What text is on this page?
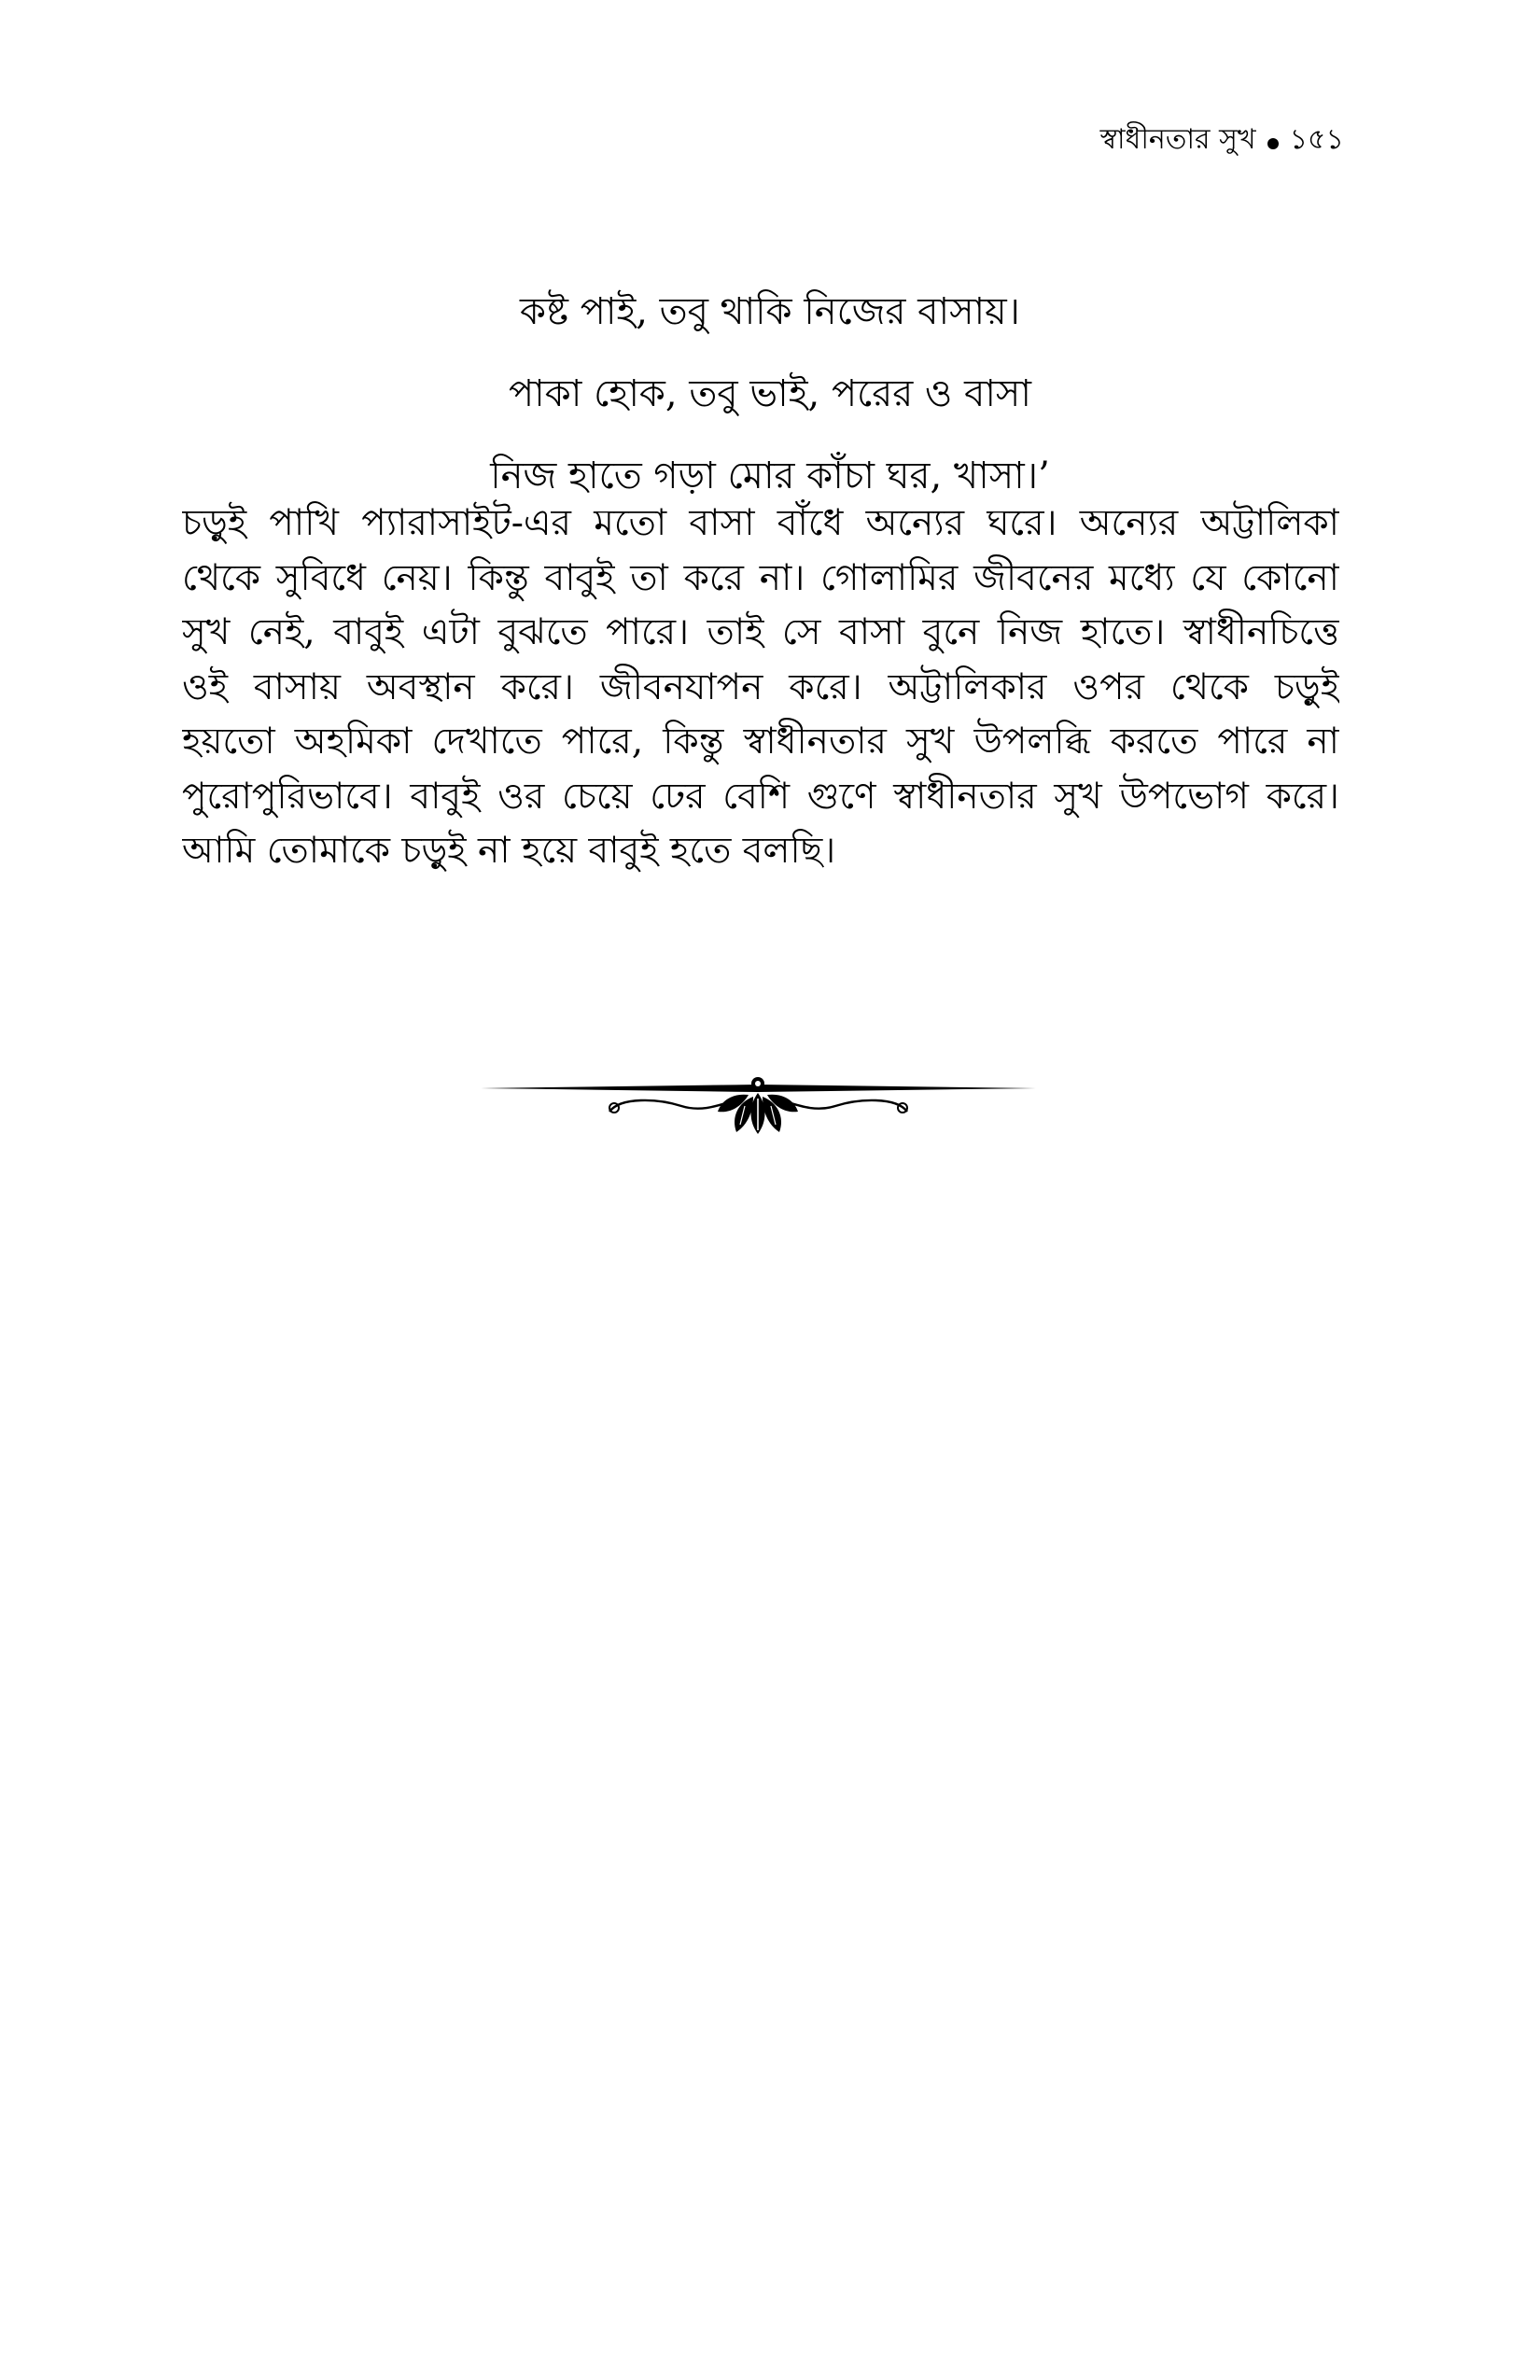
স্বাধীনতার সুখ ১৫১
কষ্ট পাই, তবু থাকি নিজের বাসায়।
পাকা হোক, তবু ভাই, পরের ও বাসা
নিজ হাতে গড়া মোর কাঁচা ঘর, খাসা।’
চড়ুই পাখি প্যারাসাইট-এর মতো বাসা বাঁধে অন্যের ঘরে। অন্যের অট্টালিকা
থেকে সুবিধে নেয়। কিন্তু বাবুই তা করে না। গোলামির জীবনের মধ্যে যে কোনো
সুখ নেই, বাবুই এটা বুঝতে পারে। তাই সে বাসা বুনে নিজ হাতে। স্বাধীনচিত্তে
ওই বাসায় অবস্থান করে। জীবনযাপন করে। অট্টালিকার ওপর থেকে চড়ুই
হয়তো অহমিকা দেখাতে পারে, কিন্তু স্বাধীনতার সুখ উপলব্ধি করতে পারে না
পুরোপুরিভাবে। বাবুই ওর চেয়ে ঢের বেশি গুণে স্বাধীনতার সুখ উপভোগ করে।
আমি তোমাকে চড়ুই না হয়ে বাবুই হতে বলছি।
